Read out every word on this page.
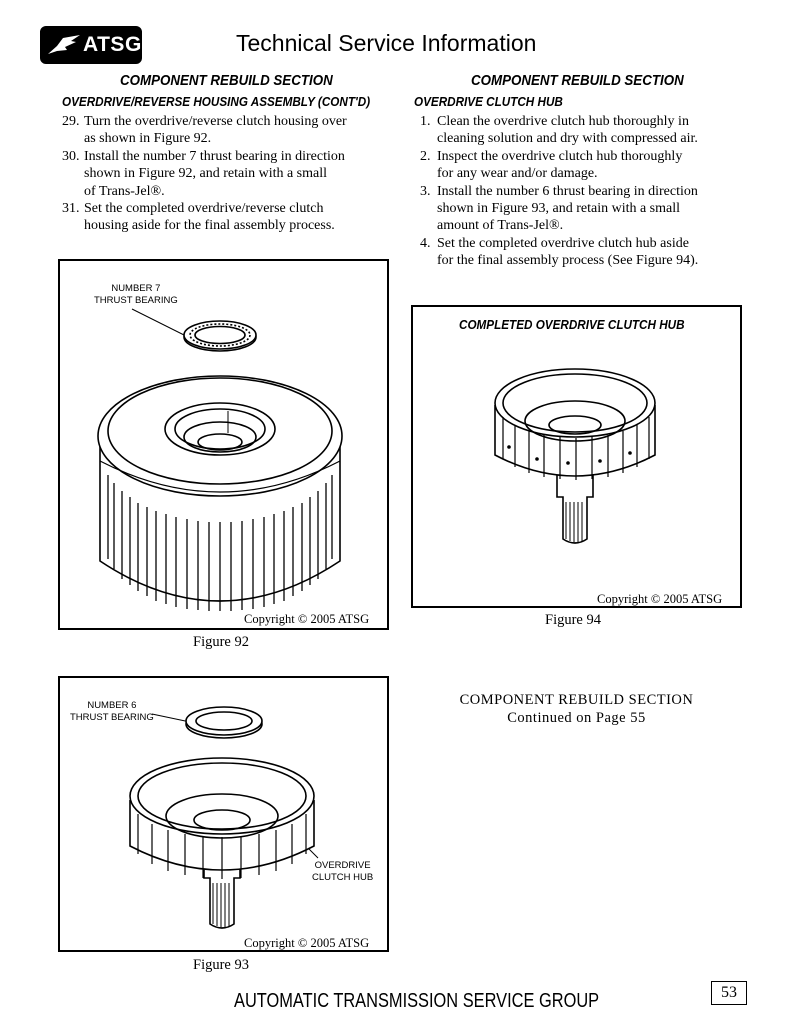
ATSG	Technical Service Information
COMPONENT REBUILD SECTION
OVERDRIVE/REVERSE HOUSING ASSEMBLY (CONT'D)
29. Turn the overdrive/reverse clutch housing over
as shown in Figure 92.
30. Install the number 7 thrust bearing in direction
shown in Figure 92, and retain with a small
of Trans-Jel®.
31. Set the completed overdrive/reverse clutch
housing aside for the final assembly process.
COMPONENT REBUILD SECTION
OVERDRIVE CLUTCH HUB
1. Clean the overdrive clutch hub thoroughly in
cleaning solution and dry with compressed air.
2. Inspect the overdrive clutch hub thoroughly
for any wear and/or damage.
3. Install the number 6 thrust bearing in direction
shown in Figure 93, and retain with a small
amount of Trans-Jel®.
4. Set the completed overdrive clutch hub aside
for the final assembly process (See Figure 94).
NUMBER 7
THRUST BEARING
Copyright © 2005 ATSG
Figure 92
COMPLETED OVERDRIVE CLUTCH HUB
Copyright © 2005 ATSG
Figure 94
COMPONENT REBUILD SECTION
Continued on Page 55
NUMBER 6
THRUST BEARING
OVERDRIVE
CLUTCH HUB
Copyright © 2005 ATSG
Figure 93
AUTOMATIC TRANSMISSION SERVICE GROUP	53
